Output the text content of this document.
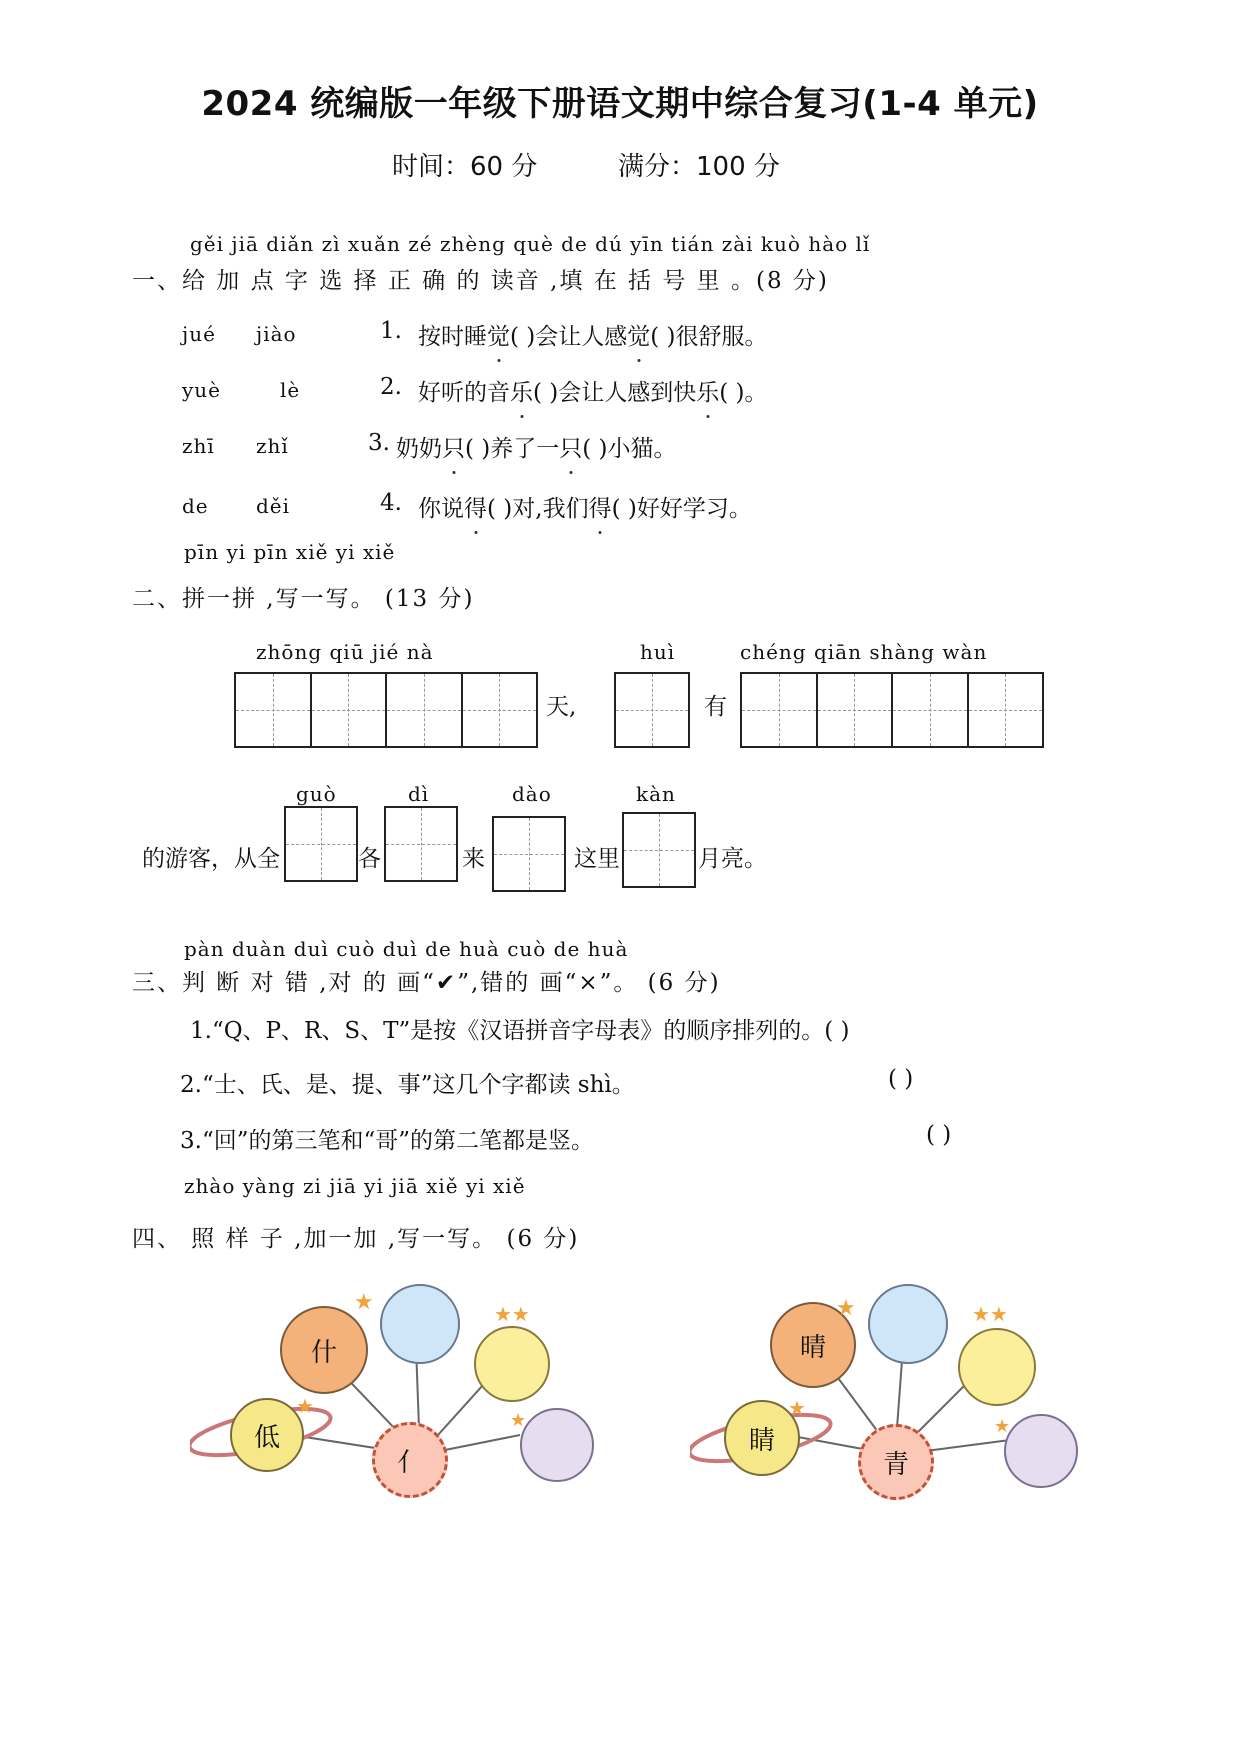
2024 统编版一年级下册语文期中综合复习(1-4 单元)
时间：60 分	满分：100 分
gěi jiā diǎn zì xuǎn zé zhèng què de dú yīn tián zài kuò hào lǐ
一、给 加 点 字 选 择 正 确 的 读音 ,填 在 括 号 里 。(8 分)
jué jiào	1. 按时睡觉( )会让人感觉( )很舒服。
yuè	lè	2. 好听的音乐( )会让人感到快乐( )。
zhī zhǐ	3. 奶奶只( )养了一只( )小猫。
de děi	4. 你说得( )对,我们得( )好好学习。
pīn yi pīn xiě yi xiě
二、拼一拼 ,写一写。 (13 分)
zhōng qiū jié nà	huì	chéng qiān shàng wàn
天,	有
guò	dì	dào	kàn
的游客，从全	各	来	这里	月亮。
pàn duàn duì cuò duì de huà cuò de huà
三、判 断 对 错 ,对 的 画“✔”,错的 画“×”。 (6 分)
1.“Q、P、R、S、T”是按《汉语拼音字母表》的顺序排列的。( )
2.“士、氏、是、提、事”这几个字都读 shì。	( )
3.“回”的第三笔和“哥”的第二笔都是竖。	( )
zhào yàng zi jiā yi jiā xiě yi xiě
四、 照 样 子 ,加一加 ,写一写。 (6 分)
什
低
亻
★	★★
★
★
晴
睛
青
★	★★
★
★
